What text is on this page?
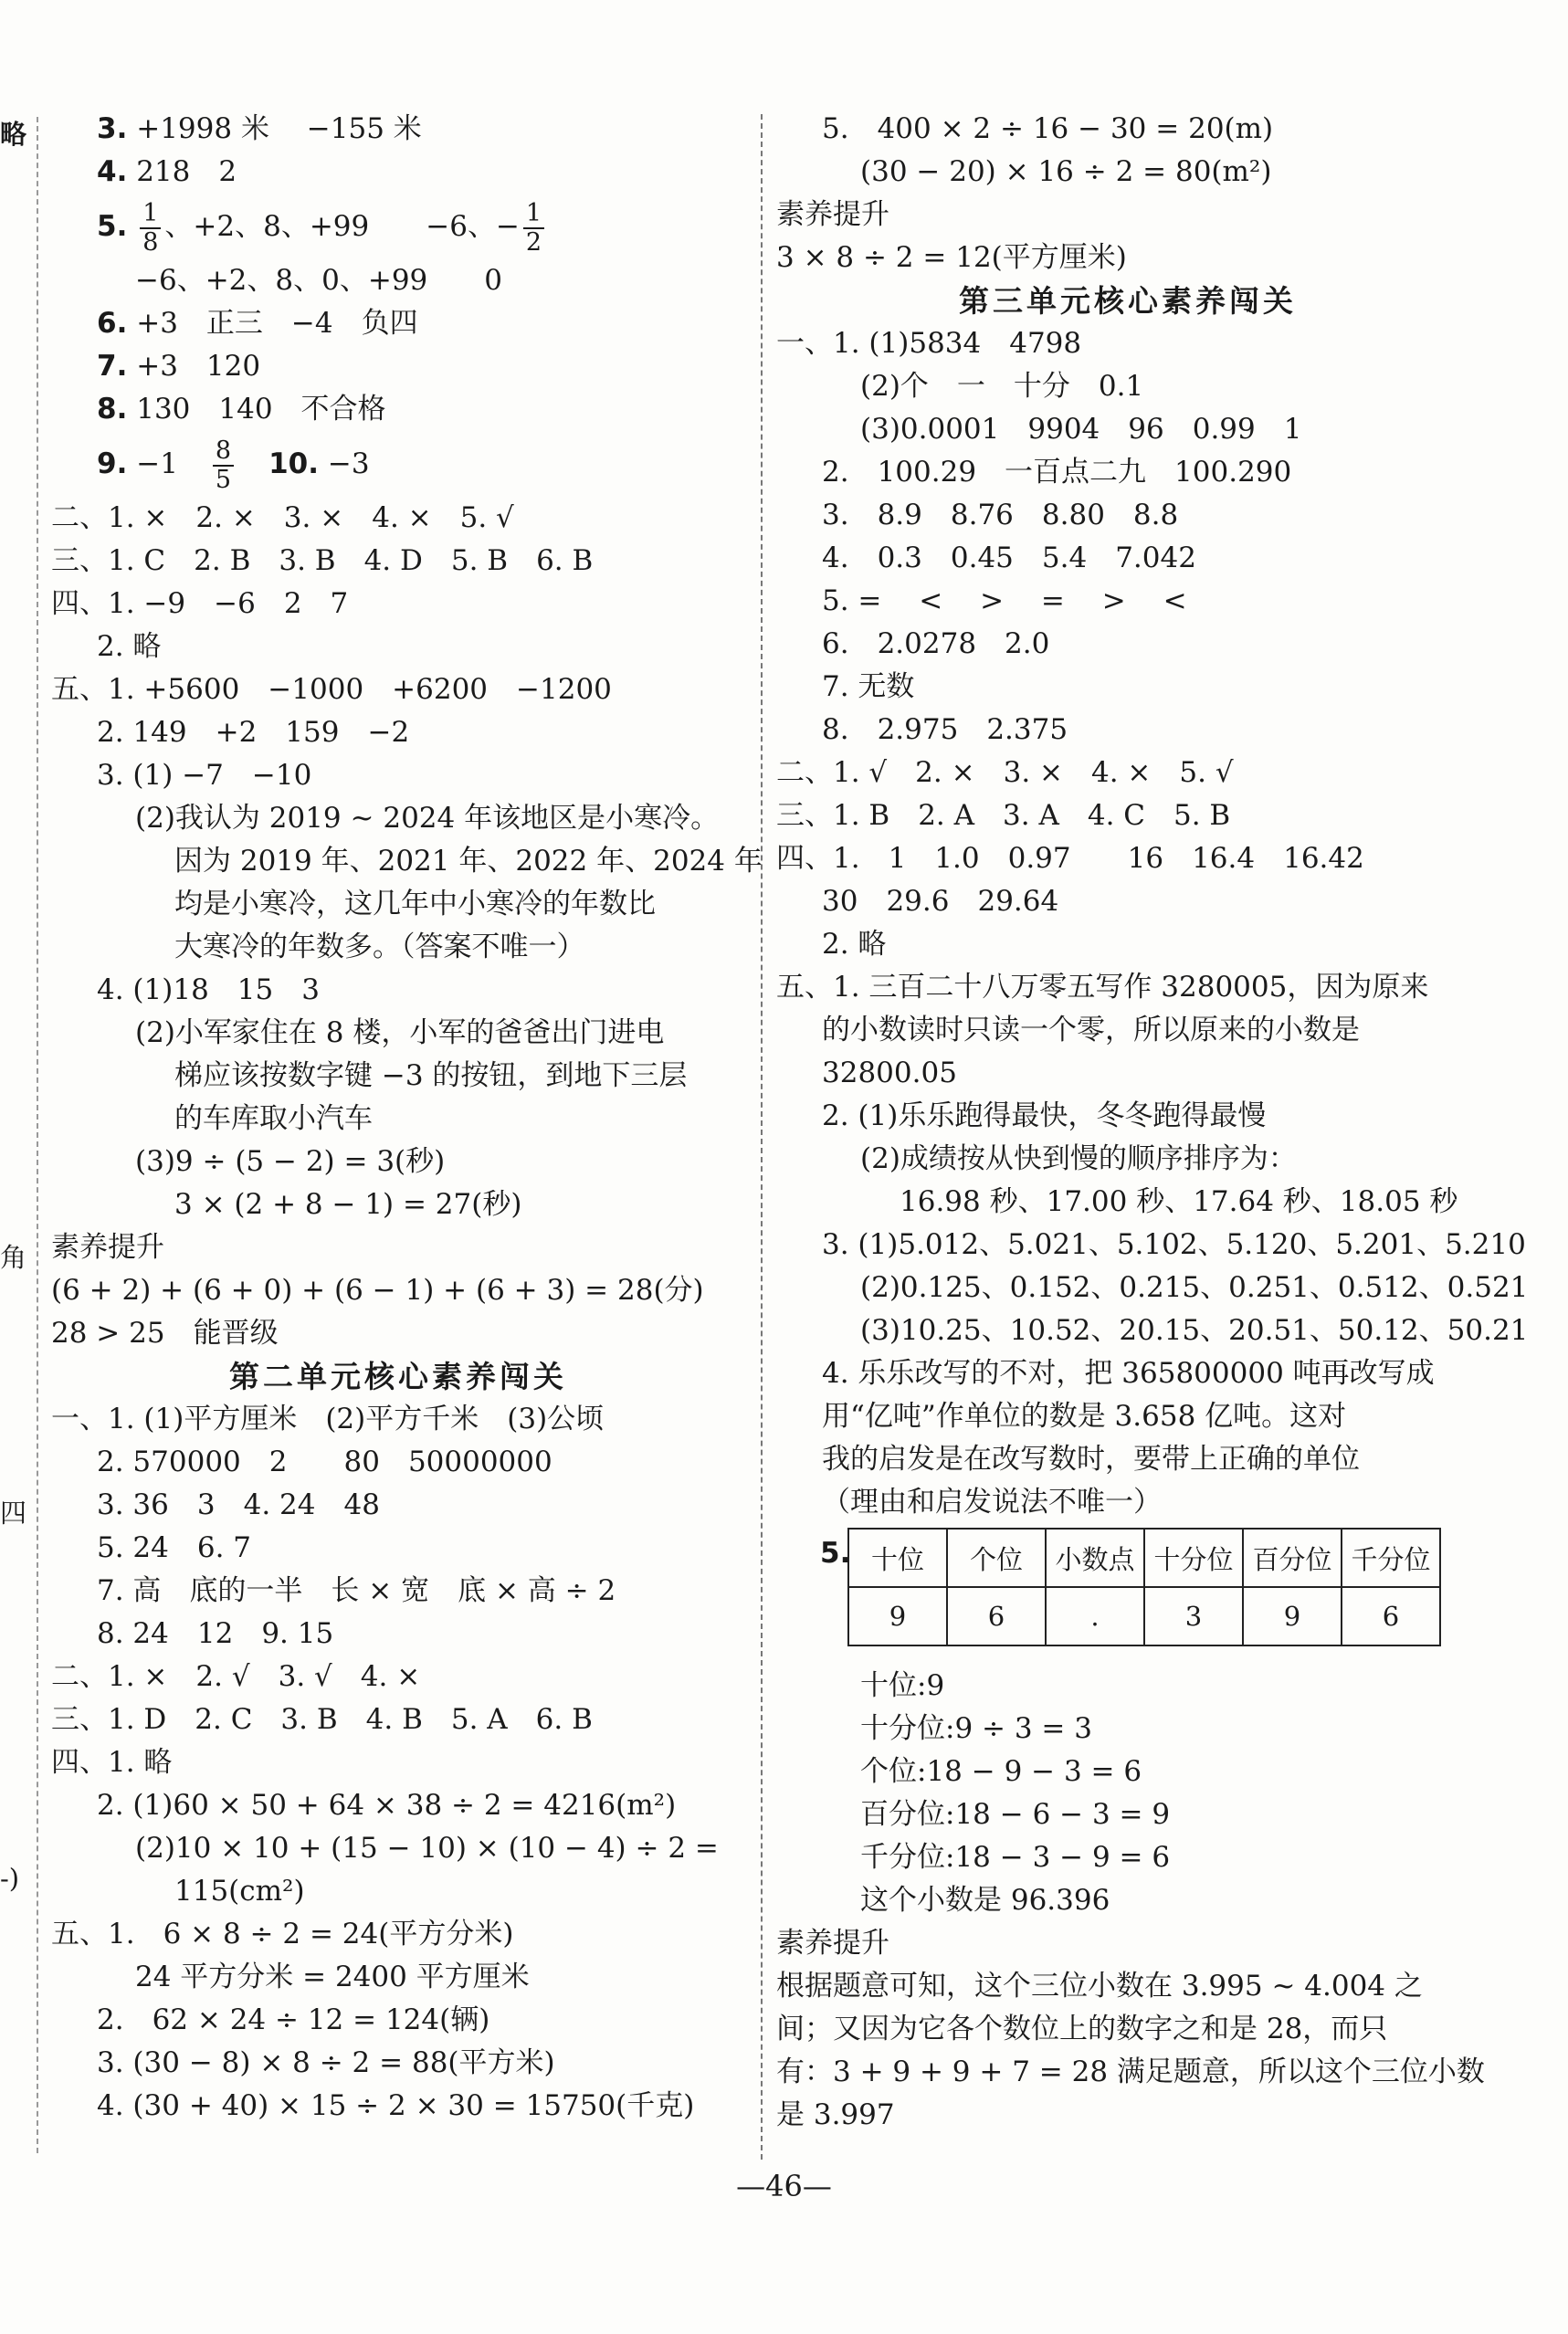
略
角
四
-)
3. +1998 米　 −155 米
4. 218　2
5. $\frac{1}{8}$ 、+2、8、+99　　−6、− $\frac{1}{2}$
−6、+2、8、0、+99　　0
6. +3　正三　−4　负四
7. +3　120
8. 130　140　不合格
9. $-1 \frac{8}{5} 10$. −3
二、1. ×　2. ×　3. ×　4. ×　5. √
三、1. C　2. B　3. B　4. D　5. B　6. B
四、1. −9　−6　2　7
2. 略
五、1. +5600　−1000　+6200　−1200
2. 149　+2　159　−2
3. (1) −7　−10
(2)我认为 2019 ~ 2024 年该地区是小寒冷。
因为 2019 年、2021 年、2022 年、2024 年
均是小寒冷，这几年中小寒冷的年数比
大寒冷的年数多。（答案不唯一）
4. (1)18　15　3
(2)小军家住在 8 楼，小军的爸爸出门进电
梯应该按数字键 −3 的按钮，到地下三层
的车库取小汽车
(3)9 ÷ (5 − 2) = 3(秒)
3 × (2 + 8 − 1) = 27(秒)
素养提升
(6 + 2) + (6 + 0) + (6 − 1) + (6 + 3) = 28(分)
28 > 25　能晋级
第二单元核心素养闯关
一、1. (1)平方厘米　(2)平方千米　(3)公顷
2. 570000　2　　80　50000000
3. 36　3　4. 24　48
5. 24　6. 7
7. 高　底的一半　长 × 宽　底 × 高 ÷ 2
8. 24　12　9. 15
二、1. ×　2. √　3. √　4. ×
三、1. D　2. C　3. B　4. B　5. A　6. B
四、1. 略
2. (1)60 × 50 + 64 × 38 ÷ 2 = 4216(m²)
(2)10 × 10 + (15 − 10) × (10 − 4) ÷ 2 =
115(cm²)
五、1.　6 × 8 ÷ 2 = 24(平方分米)
24 平方分米 = 2400 平方厘米
2.　62 × 24 ÷ 12 = 124(辆)
3. (30 − 8) × 8 ÷ 2 = 88(平方米)
4. (30 + 40) × 15 ÷ 2 × 30 = 15750(千克)
5.　400 × 2 ÷ 16 − 30 = 20(m)
(30 − 20) × 16 ÷ 2 = 80(m²)
素养提升
3 × 8 ÷ 2 = 12(平方厘米)
第三单元核心素养闯关
一、1. (1)5834　4798
(2)个　一　十分　0.1
(3)0.0001　9904　96　0.99　1
2.　100.29　一百点二九　100.290
3.　8.9　8.76　8.80　8.8
4.　0.3　0.45　5.4　7.042
5. =　 <　 >　 =　 >　 <
6.　2.0278　2.0
7. 无数
8.　2.975　2.375
二、1. √　2. ×　3. ×　4. ×　5. √
三、1. B　2. A　3. A　4. C　5. B
四、1.　1　1.0　0.97　　16　16.4　16.42
30　29.6　29.64
2. 略
五、1. 三百二十八万零五写作 3280005，因为原来
的小数读时只读一个零，所以原来的小数是
32800.05
2. (1)乐乐跑得最快，冬冬跑得最慢
(2)成绩按从快到慢的顺序排序为：
16.98 秒、17.00 秒、17.64 秒、18.05 秒
3. (1)5.012、5.021、5.102、5.120、5.201、5.210
(2)0.125、0.152、0.215、0.251、0.512、0.521
(3)10.25、10.52、20.15、20.51、50.12、50.21
4. 乐乐改写的不对，把 365800000 吨再改写成
用“亿吨”作单位的数是 3.658 亿吨。这对
我的启发是在改写数时，要带上正确的单位
（理由和启发说法不唯一）
5. 十位	个位	小数点	十分位	百分位	千分位
9	6	.	3	9	6
十位:9
十分位:9 ÷ 3 = 3
个位:18 − 9 − 3 = 6
百分位:18 − 6 − 3 = 9
千分位:18 − 3 − 9 = 6
这个小数是 96.396
素养提升
根据题意可知，这个三位小数在 3.995 ~ 4.004 之
间；又因为它各个数位上的数字之和是 28，而只
有：3 + 9 + 9 + 7 = 28 满足题意，所以这个三位小数
是 3.997
—46—
